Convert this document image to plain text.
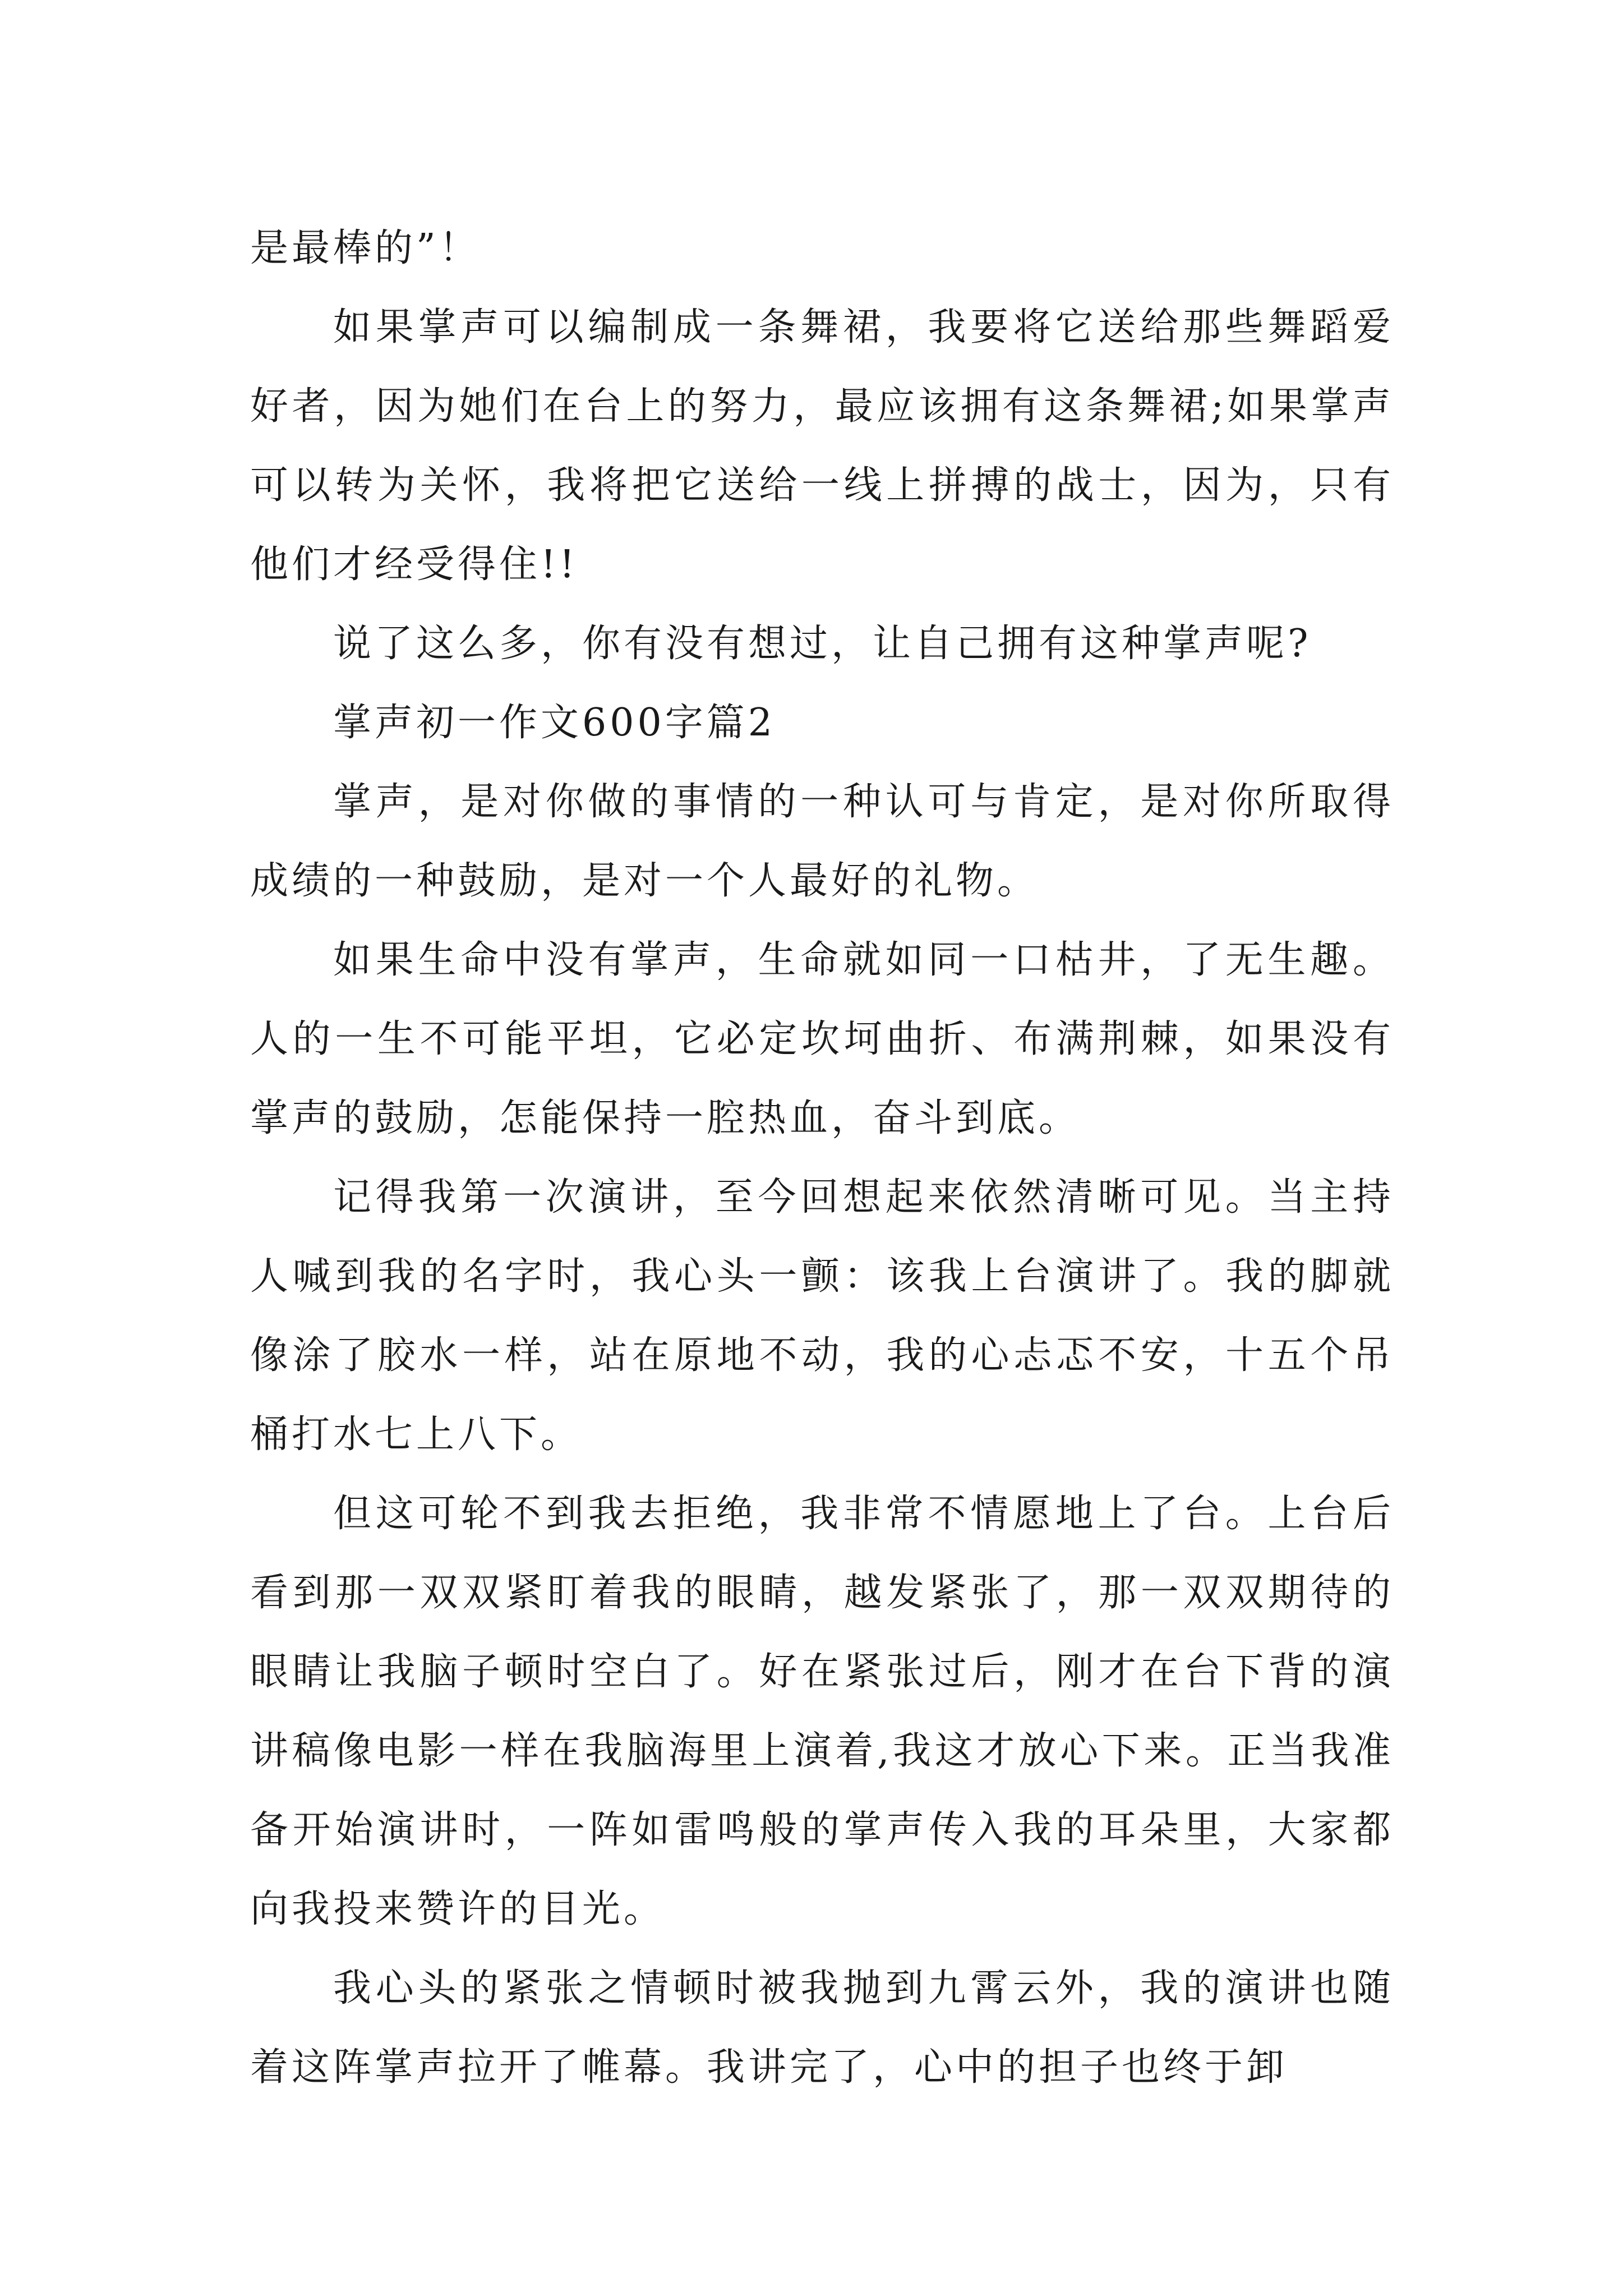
是最棒的”！

如果掌声可以编制成一条舞裙，我要将它送给那些舞蹈爱好者，因为她们在台上的努力，最应该拥有这条舞裙;如果掌声可以转为关怀，我将把它送给一线上拼搏的战士，因为，只有他们才经受得住!!

说了这么多，你有没有想过，让自己拥有这种掌声呢?

掌声初一作文600字篇2

掌声，是对你做的事情的一种认可与肯定，是对你所取得成绩的一种鼓励，是对一个人最好的礼物。

如果生命中没有掌声，生命就如同一口枯井，了无生趣。人的一生不可能平坦，它必定坎坷曲折、布满荆棘，如果没有掌声的鼓励，怎能保持一腔热血，奋斗到底。

记得我第一次演讲，至今回想起来依然清晰可见。当主持人喊到我的名字时，我心头一颤：该我上台演讲了。我的脚就像涂了胶水一样，站在原地不动，我的心忐忑不安，十五个吊桶打水七上八下。

但这可轮不到我去拒绝，我非常不情愿地上了台。上台后看到那一双双紧盯着我的眼睛，越发紧张了，那一双双期待的眼睛让我脑子顿时空白了。好在紧张过后，刚才在台下背的演讲稿像电影一样在我脑海里上演着,我这才放心下来。正当我准备开始演讲时，一阵如雷鸣般的掌声传入我的耳朵里，大家都向我投来赞许的目光。

我心头的紧张之情顿时被我抛到九霄云外，我的演讲也随着这阵掌声拉开了帷幕。我讲完了，心中的担子也终于卸
